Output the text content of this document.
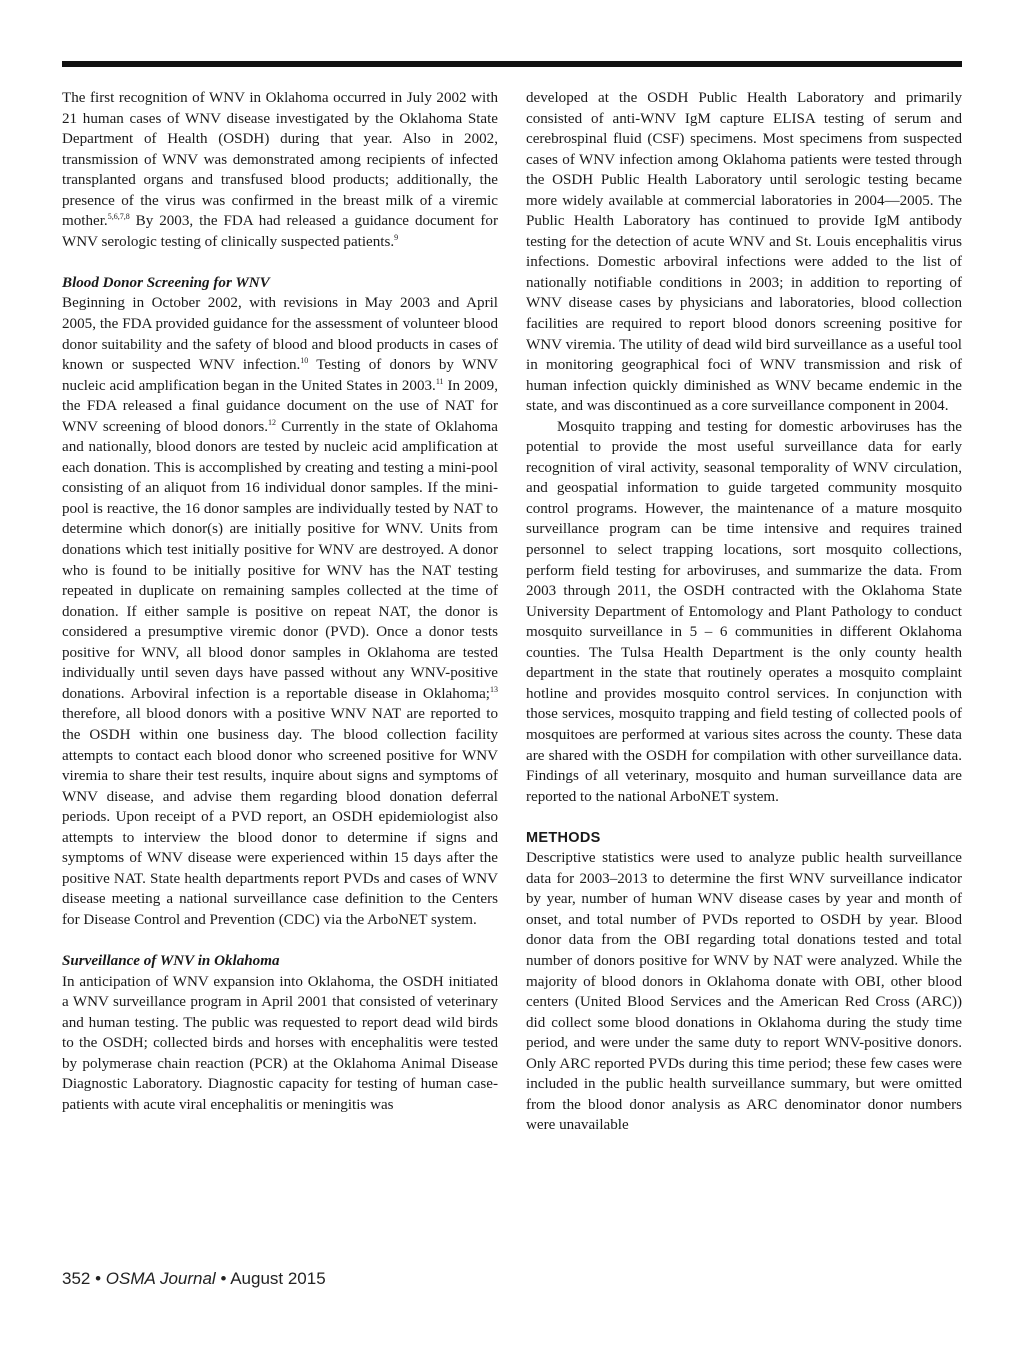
The first recognition of WNV in Oklahoma occurred in July 2002 with 21 human cases of WNV disease investigated by the Oklahoma State Department of Health (OSDH) during that year. Also in 2002, transmission of WNV was demonstrated among recipients of infected transplanted organs and transfused blood products; additionally, the presence of the virus was confirmed in the breast milk of a viremic mother.$^{5,6,7,8}$ By 2003, the FDA had released a guidance document for WNV serologic testing of clinically suspected patients.$^9$

Blood Donor Screening for WNV

Beginning in October 2002, with revisions in May 2003 and April 2005, the FDA provided guidance for the assessment of volunteer blood donor suitability and the safety of blood and blood products in cases of known or suspected WNV infection.$^{10}$ Testing of donors by WNV nucleic acid amplification began in the United States in 2003.11 In 2009, the FDA released a final guidance document on the use of NAT for WNV screening of blood donors.$^{12}$ Currently in the state of Oklahoma and nationally, blood donors are tested by nucleic acid amplification at each donation. This is accomplished by creating and testing a mini-pool consisting of an aliquot from 16 individual donor samples. If the mini-pool is reactive, the 16 donor samples are individually tested by NAT to determine which donor(s) are initially positive for WNV. Units from donations which test initially positive for WNV are destroyed. A donor who is found to be initially positive for WNV has the NAT testing repeated in duplicate on remaining samples collected at the time of donation. If either sample is positive on repeat NAT, the donor is considered a presumptive viremic donor (PVD). Once a donor tests positive for WNV, all blood donor samples in Oklahoma are tested individually until seven days have passed without any WNV-positive donations. Arboviral infection is a reportable disease in Oklahoma;$^{13}$ therefore, all blood donors with a positive WNV NAT are reported to the OSDH within one business day. The blood collection facility attempts to contact each blood donor who screened positive for WNV viremia to share their test results, inquire about signs and symptoms of WNV disease, and advise them regarding blood donation deferral periods. Upon receipt of a PVD report, an OSDH epidemiologist also attempts to interview the blood donor to determine if signs and symptoms of WNV disease were experienced within 15 days after the positive NAT. State health departments report PVDs and cases of WNV disease meeting a national surveillance case definition to the Centers for Disease Control and Prevention (CDC) via the ArboNET system.

Surveillance of WNV in Oklahoma

In anticipation of WNV expansion into Oklahoma, the OSDH initiated a WNV surveillance program in April 2001 that consisted of veterinary and human testing. The public was requested to report dead wild birds to the OSDH; collected birds and horses with encephalitis were tested by polymerase chain reaction (PCR) at the Oklahoma Animal Disease Diagnostic Laboratory. Diagnostic capacity for testing of human case-patients with acute viral encephalitis or meningitis was

developed at the OSDH Public Health Laboratory and primarily consisted of anti-WNV IgM capture ELISA testing of serum and cerebrospinal fluid (CSF) specimens. Most specimens from suspected cases of WNV infection among Oklahoma patients were tested through the OSDH Public Health Laboratory until serologic testing became more widely available at commercial laboratories in 2004—2005. The Public Health Laboratory has continued to provide IgM antibody testing for the detection of acute WNV and St. Louis encephalitis virus infections. Domestic arboviral infections were added to the list of nationally notifiable conditions in 2003; in addition to reporting of WNV disease cases by physicians and laboratories, blood collection facilities are required to report blood donors screening positive for WNV viremia. The utility of dead wild bird surveillance as a useful tool in monitoring geographical foci of WNV transmission and risk of human infection quickly diminished as WNV became endemic in the state, and was discontinued as a core surveillance component in 2004.

Mosquito trapping and testing for domestic arboviruses has the potential to provide the most useful surveillance data for early recognition of viral activity, seasonal temporality of WNV circulation, and geospatial information to guide targeted community mosquito control programs. However, the maintenance of a mature mosquito surveillance program can be time intensive and requires trained personnel to select trapping locations, sort mosquito collections, perform field testing for arboviruses, and summarize the data. From 2003 through 2011, the OSDH contracted with the Oklahoma State University Department of Entomology and Plant Pathology to conduct mosquito surveillance in 5 – 6 communities in different Oklahoma counties. The Tulsa Health Department is the only county health department in the state that routinely operates a mosquito complaint hotline and provides mosquito control services. In conjunction with those services, mosquito trapping and field testing of collected pools of mosquitoes are performed at various sites across the county. These data are shared with the OSDH for compilation with other surveillance data. Findings of all veterinary, mosquito and human surveillance data are reported to the national ArboNET system.

METHODS

Descriptive statistics were used to analyze public health surveillance data for 2003–2013 to determine the first WNV surveillance indicator by year, number of human WNV disease cases by year and month of onset, and total number of PVDs reported to OSDH by year. Blood donor data from the OBI regarding total donations tested and total number of donors positive for WNV by NAT were analyzed. While the majority of blood donors in Oklahoma donate with OBI, other blood centers (United Blood Services and the American Red Cross (ARC)) did collect some blood donations in Oklahoma during the study time period, and were under the same duty to report WNV-positive donors. Only ARC reported PVDs during this time period; these few cases were included in the public health surveillance summary, but were omitted from the blood donor analysis as ARC denominator donor numbers were unavailable

352 • OSMA Journal • August 2015
